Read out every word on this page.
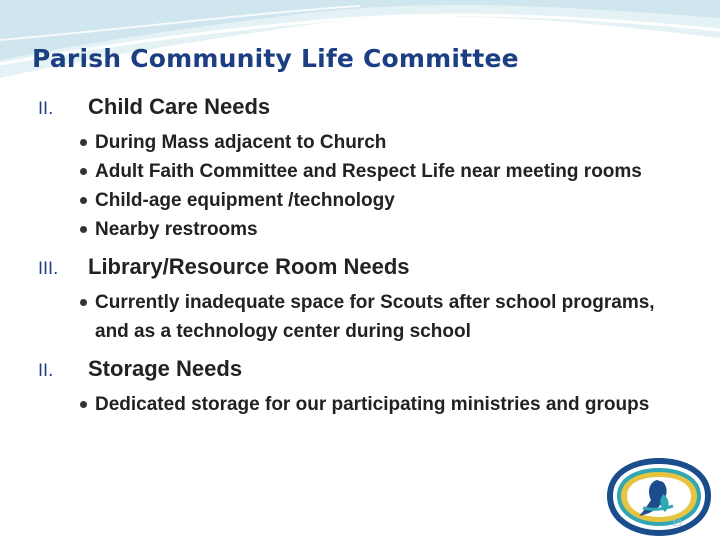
Parish Community Life Committee
II.	Child Care Needs
During Mass adjacent to Church
Adult Faith Committee and Respect Life near meeting rooms
Child-age equipment /technology
Nearby restrooms
III.	Library/Resource Room Needs
Currently inadequate space for Scouts after school programs, and as a technology center during school
II.	Storage Needs
Dedicated storage for our participating ministries and groups
19
